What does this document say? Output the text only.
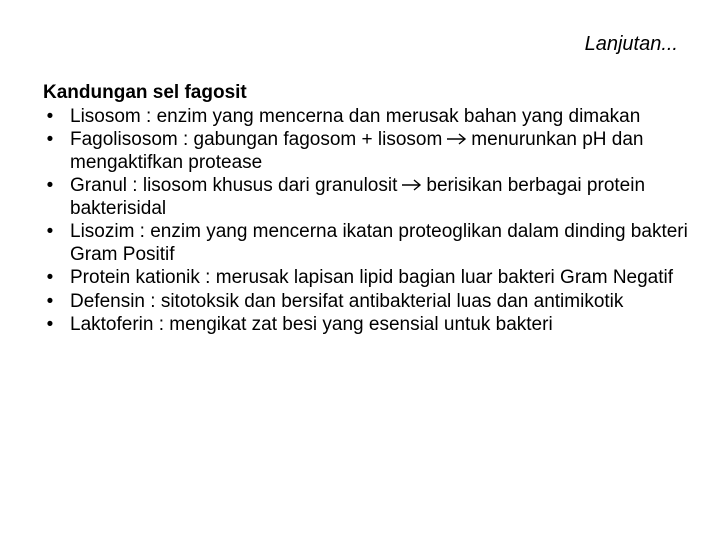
Lanjutan...
Kandungan sel fagosit
• Lisosom : enzim yang mencerna dan merusak bahan yang dimakan
• Fagolisosom : gabungan fagosom + lisosom menurunkan pH dan mengaktifkan protease
• Granul : lisosom khusus dari granulosit berisikan berbagai protein bakterisidal
• Lisozim : enzim yang mencerna ikatan proteoglikan dalam dinding bakteri Gram Positif
• Protein kationik : merusak lapisan lipid bagian luar bakteri Gram Negatif
• Defensin : sitotoksik dan bersifat antibakterial luas dan antimikotik
• Laktoferin : mengikat zat besi yang esensial untuk bakteri
